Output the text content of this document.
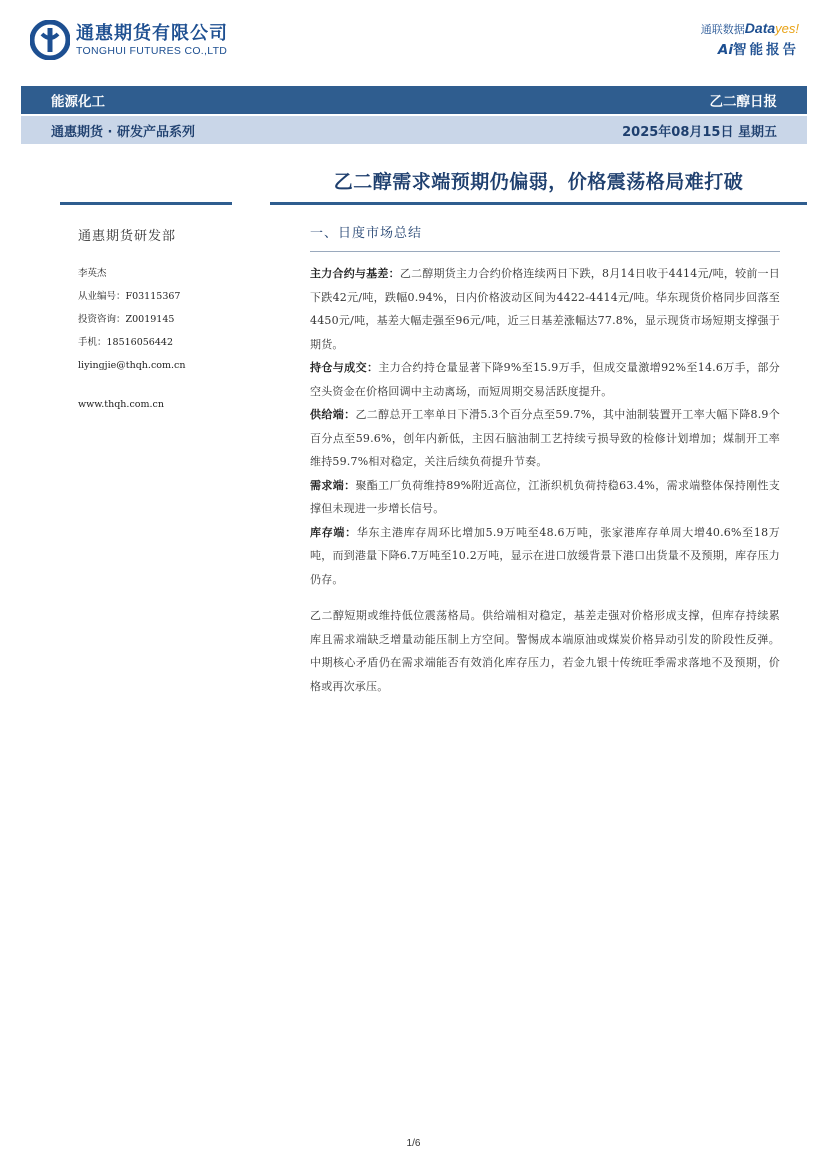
通惠期货有限公司
TONGHUI FUTURES CO.,LTD
通联数据Datayes!
Ai智能报告
能源化工	乙二醇日报
通惠期货 · 研发产品系列	2025年08月15日 星期五
乙二醇需求端预期仍偏弱，价格震荡格局难打破
通惠期货研发部
李英杰
从业编号：F03115367
投资咨询：Z0019145
手机：18516056442
liyingjie@thqh.com.cn
www.thqh.com.cn
一、日度市场总结

主力合约与基差：乙二醇期货主力合约价格连续两日下跌，8月14日收于4414元/吨，较前一日下跌42元/吨，跌幅0.94%，日内价格波动区间为4422-4414元/吨。华东现货价格同步回落至4450元/吨，基差大幅走强至96元/吨，近三日基差涨幅达77.8%，显示现货市场短期支撑强于期货。

持仓与成交：主力合约持仓量显著下降9%至15.9万手，但成交量激增92%至14.6万手，部分空头资金在价格回调中主动离场，而短周期交易活跃度提升。

供给端：乙二醇总开工率单日下滑5.3个百分点至59.7%，其中油制装置开工率大幅下降8.9个百分点至59.6%，创年内新低，主因石脑油制工艺持续亏损导致的检修计划增加；煤制开工率维持59.7%相对稳定，关注后续负荷提升节奏。

需求端：聚酯工厂负荷维持89%附近高位，江浙织机负荷持稳63.4%，需求端整体保持刚性支撑但未现进一步增长信号。

库存端：华东主港库存周环比增加5.9万吨至48.6万吨，张家港库存单周大增40.6%至18万吨，而到港量下降6.7万吨至10.2万吨，显示在进口放缓背景下港口出货量不及预期，库存压力仍存。

乙二醇短期或维持低位震荡格局。供给端相对稳定，基差走强对价格形成支撑，但库存持续累库且需求端缺乏增量动能压制上方空间。警惕成本端原油或煤炭价格异动引发的阶段性反弹。中期核心矛盾仍在需求端能否有效消化库存压力，若金九银十传统旺季需求落地不及预期，价格或再次承压。

1/6
